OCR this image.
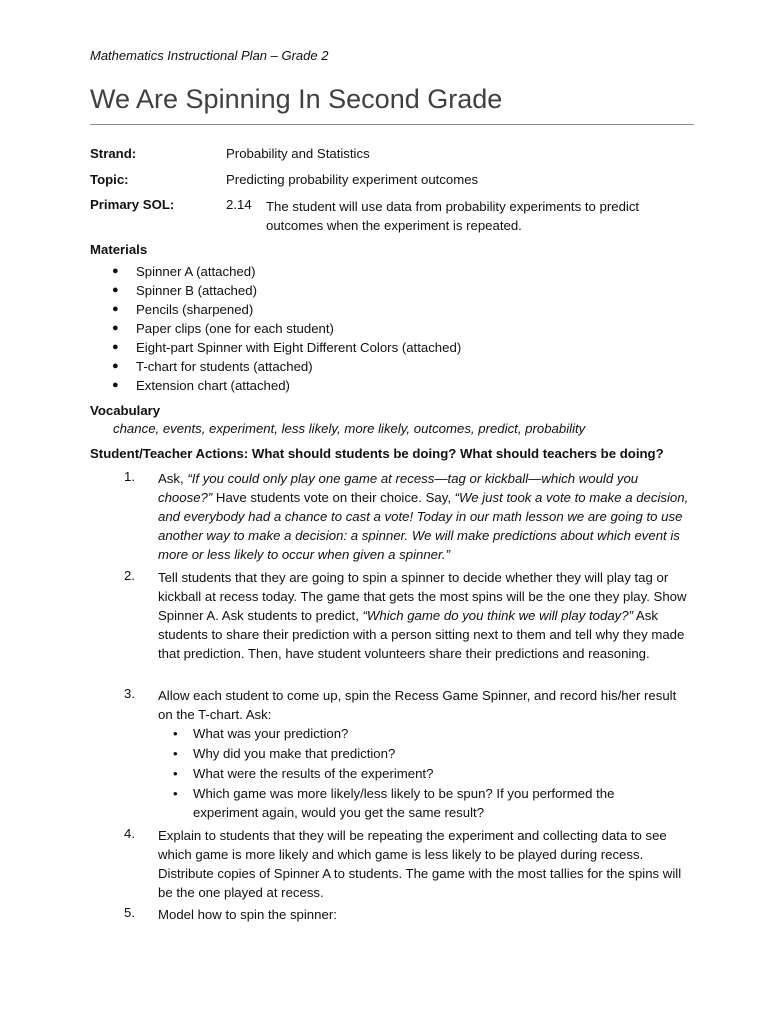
Mathematics Instructional Plan – Grade 2
We Are Spinning In Second Grade
Strand:	Probability and Statistics
Topic:	Predicting probability experiment outcomes
Primary SOL:	2.14 The student will use data from probability experiments to predict outcomes when the experiment is repeated.
Materials
● Spinner A (attached)
● Spinner B (attached)
● Pencils (sharpened)
● Paper clips (one for each student)
● Eight-part Spinner with Eight Different Colors (attached)
● T-chart for students (attached)
● Extension chart (attached)
Vocabulary
chance, events, experiment, less likely, more likely, outcomes, predict, probability
Student/Teacher Actions: What should students be doing? What should teachers be doing?
1. Ask, “If you could only play one game at recess—tag or kickball—which would you choose?” Have students vote on their choice. Say, “We just took a vote to make a decision, and everybody had a chance to cast a vote! Today in our math lesson we are going to use another way to make a decision: a spinner. We will make predictions about which event is more or less likely to occur when given a spinner.”
2. Tell students that they are going to spin a spinner to decide whether they will play tag or kickball at recess today. The game that gets the most spins will be the one they play. Show Spinner A. Ask students to predict, “Which game do you think we will play today?” Ask students to share their prediction with a person sitting next to them and tell why they made that prediction. Then, have student volunteers share their predictions and reasoning.
3. Allow each student to come up, spin the Recess Game Spinner, and record his/her result on the T-chart. Ask:
• What was your prediction?
• Why did you make that prediction?
• What were the results of the experiment?
• Which game was more likely/less likely to be spun? If you performed the experiment again, would you get the same result?
4. Explain to students that they will be repeating the experiment and collecting data to see which game is more likely and which game is less likely to be played during recess. Distribute copies of Spinner A to students. The game with the most tallies for the spins will be the one played at recess.
5. Model how to spin the spinner:
